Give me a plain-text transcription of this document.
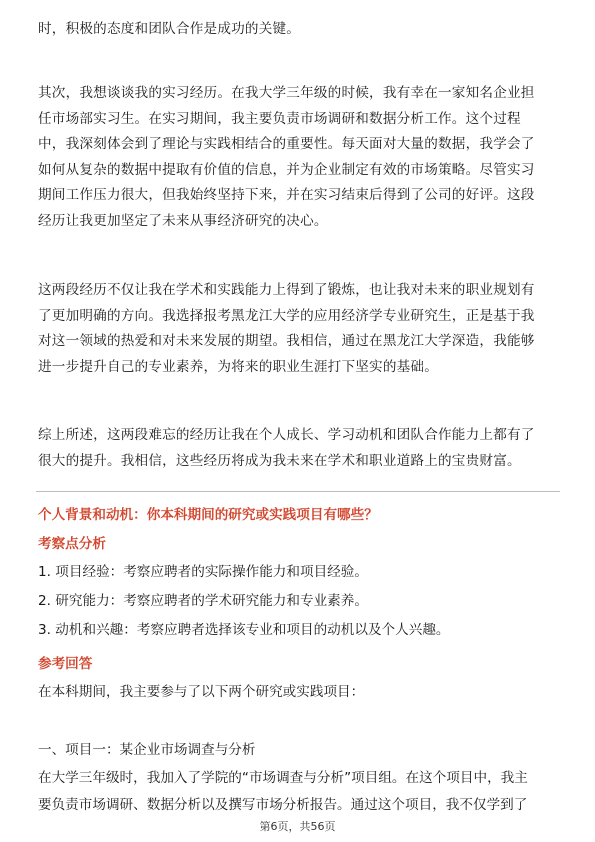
时，积极的态度和团队合作是成功的关键。

其次，我想谈谈我的实习经历。在我大学三年级的时候，我有幸在一家知名企业担
任市场部实习生。在实习期间，我主要负责市场调研和数据分析工作。这个过程
中，我深刻体会到了理论与实践相结合的重要性。每天面对大量的数据，我学会了
如何从复杂的数据中提取有价值的信息，并为企业制定有效的市场策略。尽管实习
期间工作压力很大，但我始终坚持下来，并在实习结束后得到了公司的好评。这段
经历让我更加坚定了未来从事经济研究的决心。

这两段经历不仅让我在学术和实践能力上得到了锻炼，也让我对未来的职业规划有
了更加明确的方向。我选择报考黑龙江大学的应用经济学专业研究生，正是基于我
对这一领域的热爱和对未来发展的期望。我相信，通过在黑龙江大学深造，我能够
进一步提升自己的专业素养，为将来的职业生涯打下坚实的基础。

综上所述，这两段难忘的经历让我在个人成长、学习动机和团队合作能力上都有了
很大的提升。我相信，这些经历将成为我未来在学术和职业道路上的宝贵财富。

个人背景和动机：你本科期间的研究或实践项目有哪些？
考察点分析
1. 项目经验：考察应聘者的实际操作能力和项目经验。
2. 研究能力：考察应聘者的学术研究能力和专业素养。
3. 动机和兴趣：考察应聘者选择该专业和项目的动机以及个人兴趣。
参考回答
在本科期间，我主要参与了以下两个研究或实践项目：
一、项目一：某企业市场调查与分析
在大学三年级时，我加入了学院的“市场调查与分析”项目组。在这个项目中，我主
要负责市场调研、数据分析以及撰写市场分析报告。通过这个项目，我不仅学到了
第6页，共56页
